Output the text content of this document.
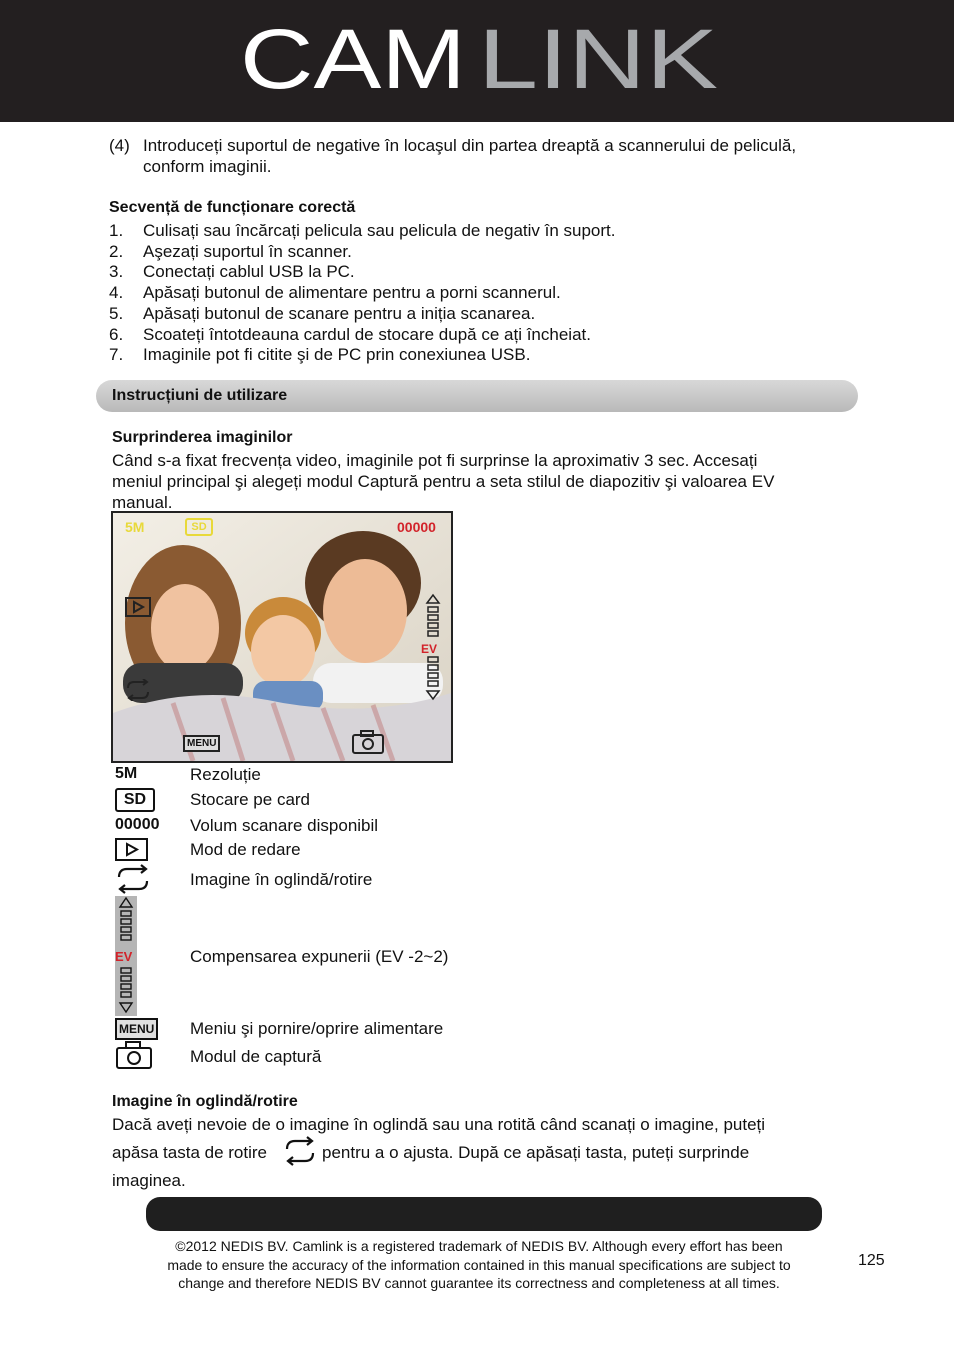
CAM LINK
(4) Introduceți suportul de negative în locaşul din partea dreaptă a scannerului de peliculă,
conform imaginii.
Secvență de funcționare corectă
1. Culisați sau încărcați pelicula sau pelicula de negativ în suport.
2. Aşezați suportul în scanner.
3. Conectați cablul USB la PC.
4. Apăsați butonul de alimentare pentru a porni scannerul.
5. Apăsați butonul de scanare pentru a iniția scanarea.
6. Scoateți întotdeauna cardul de stocare după ce ați încheiat.
7. Imaginile pot fi citite şi de PC prin conexiunea USB.
Instrucțiuni de utilizare
Surprinderea imaginilor
Când s-a fixat frecvența video, imaginile pot fi surprinse la aproximativ 3 sec. Accesați
meniul principal şi alegeți modul Captură pentru a seta stilul de diapozitiv şi valoarea EV
manual.
5M	SD	00000
MENU
EV
5M	Rezoluție
SD	Stocare pe card
00000 Volum scanare disponibil
Mod de redare
Imagine în oglindă/rotire
EV	Compensarea expunerii (EV -2~2)
MENU Meniu şi pornire/oprire alimentare
Modul de captură
Imagine în oglindă/rotire
Dacă aveți nevoie de o imagine în oglindă sau una rotită când scanați o imagine, puteți
apăsa tasta de rotire	pentru a o ajusta. După ce apăsați tasta, puteți surprinde
imaginea.
©2012 NEDIS BV. Camlink is a registered trademark of NEDIS BV. Although every effort has been
made to ensure the accuracy of the information contained in this manual specifications are subject to
change and therefore NEDIS BV cannot guarantee its correctness and completeness at all times.
125
